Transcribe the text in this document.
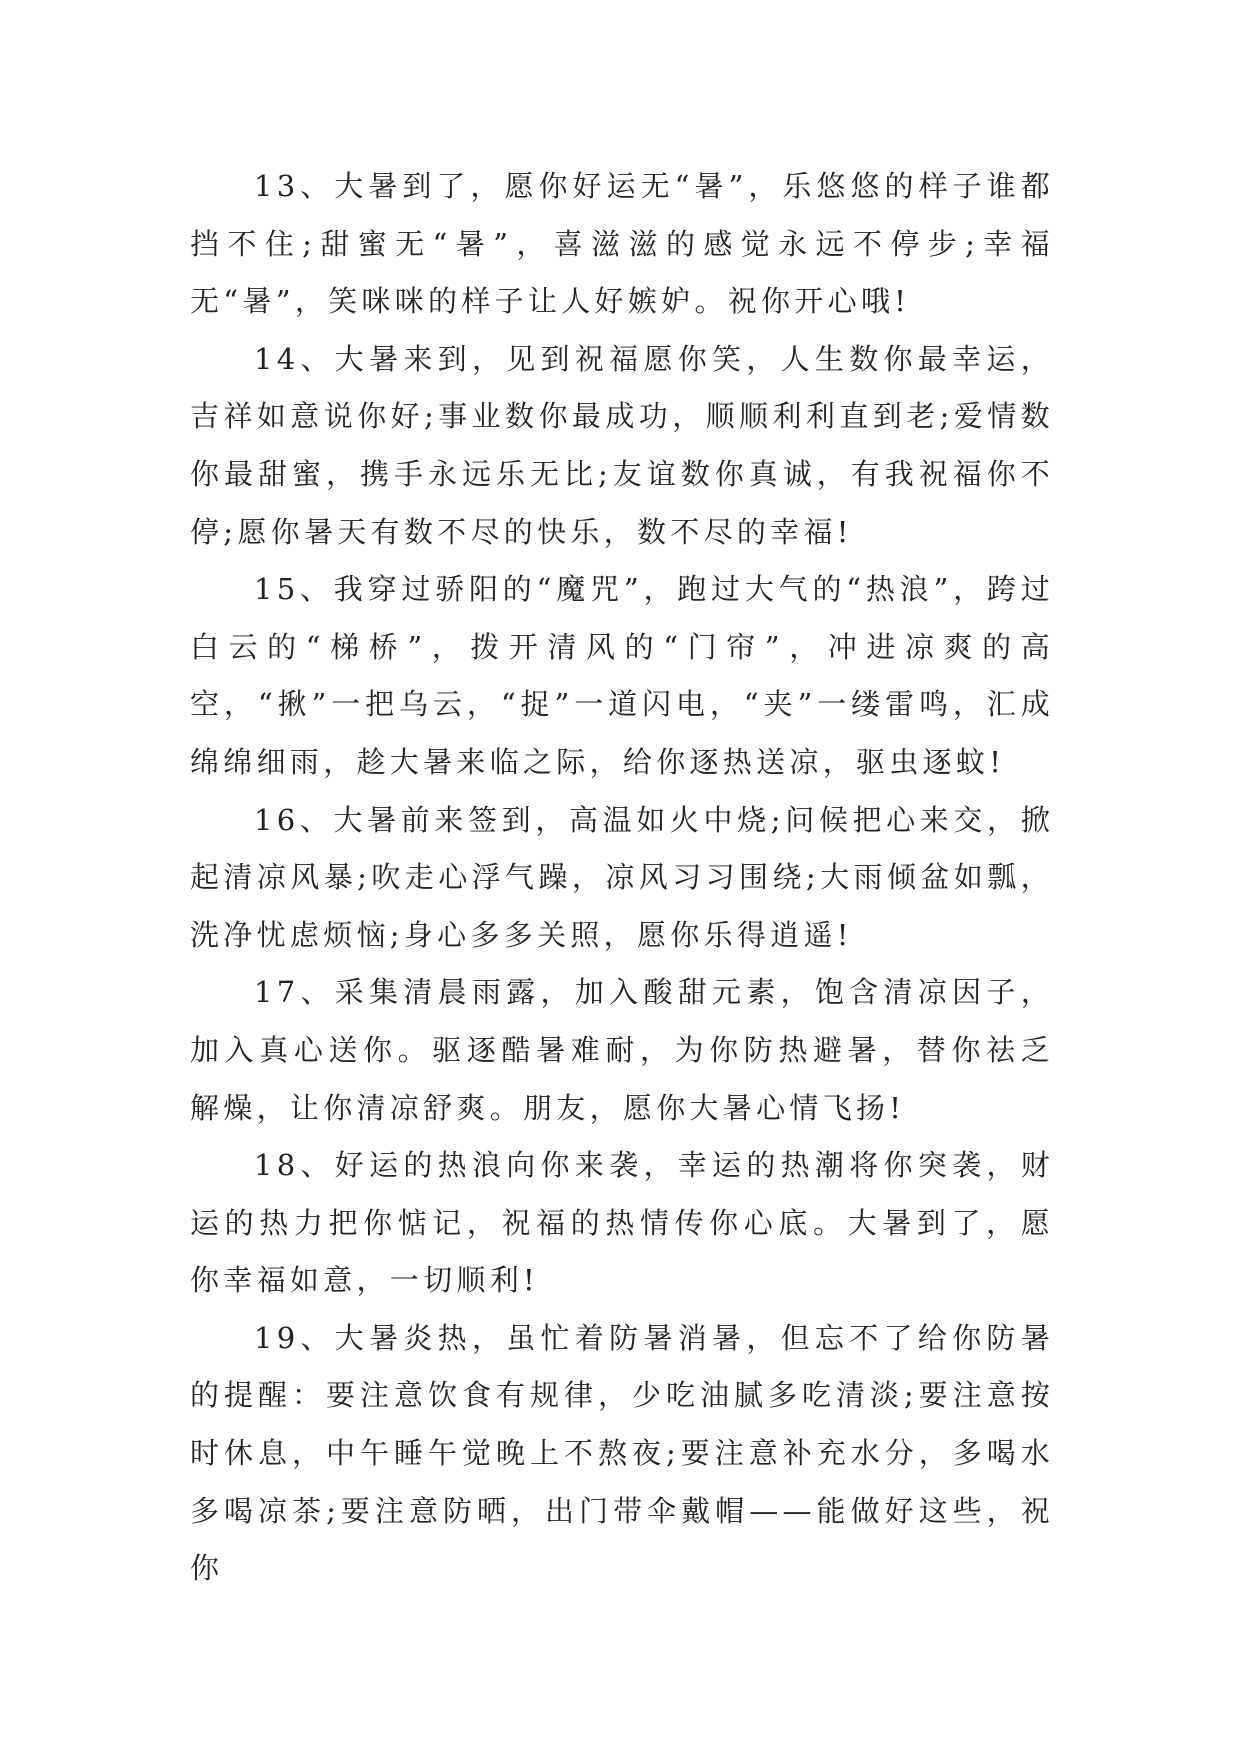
13、大暑到了，愿你好运无“暑”，乐悠悠的样子谁都挡不住;甜蜜无“暑”，喜滋滋的感觉永远不停步;幸福无“暑”，笑咪咪的样子让人好嫉妒。祝你开心哦!

14、大暑来到，见到祝福愿你笑，人生数你最幸运，吉祥如意说你好;事业数你最成功，顺顺利利直到老;爱情数你最甜蜜，携手永远乐无比;友谊数你真诚，有我祝福你不停;愿你暑天有数不尽的快乐，数不尽的幸福!

15、我穿过骄阳的“魔咒”，跑过大气的“热浪”，跨过白云的“梯桥”，拨开清风的“门帘”，冲进凉爽的高空，“揪”一把乌云，“捉”一道闪电，“夹”一缕雷鸣，汇成绵绵细雨，趁大暑来临之际，给你逐热送凉，驱虫逐蚊!

16、大暑前来签到，高温如火中烧;问候把心来交，掀起清凉风暴;吹走心浮气躁，凉风习习围绕;大雨倾盆如瓢，洗净忧虑烦恼;身心多多关照，愿你乐得逍遥!

17、采集清晨雨露，加入酸甜元素，饱含清凉因子，加入真心送你。驱逐酷暑难耐，为你防热避暑，替你祛乏解燥，让你清凉舒爽。朋友，愿你大暑心情飞扬!

18、好运的热浪向你来袭，幸运的热潮将你突袭，财运的热力把你惦记，祝福的热情传你心底。大暑到了，愿你幸福如意，一切顺利!

19、大暑炎热，虽忙着防暑消暑，但忘不了给你防暑的提醒：要注意饮食有规律，少吃油腻多吃清淡;要注意按时休息，中午睡午觉晚上不熬夜;要注意补充水分，多喝水多喝凉茶;要注意防晒，出门带伞戴帽——能做好这些，祝你
